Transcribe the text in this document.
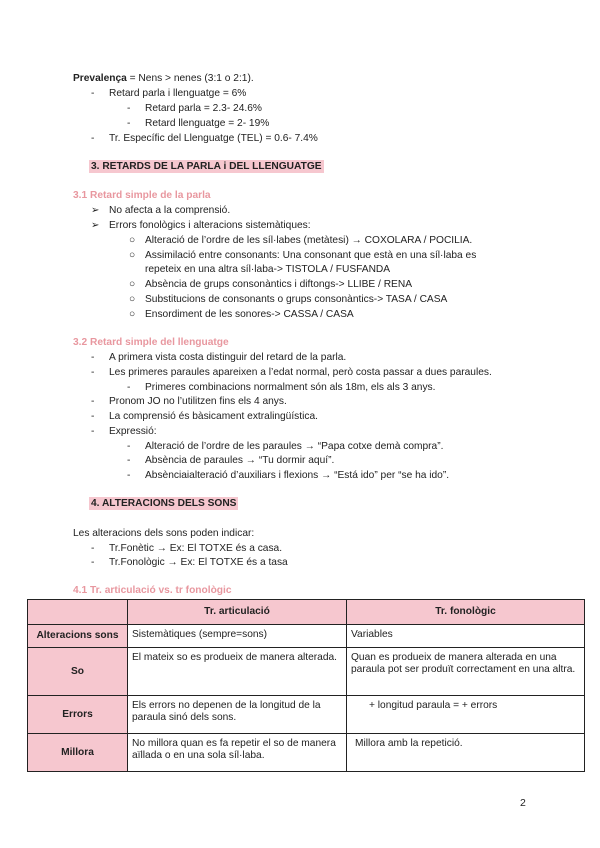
Prevalença = Nens > nenes (3:1 o 2:1).
- Retard parla i llenguatge = 6%
- Retard parla = 2.3- 24.6%
- Retard llenguatge = 2- 19%
- Tr. Específic del Llenguatge (TEL) = 0.6- 7.4%
3. RETARDS DE LA PARLA i DEL LLENGUATGE
3.1 Retard simple de la parla
➢ No afecta a la comprensió.
➢ Errors fonològics i alteracions sistemàtiques:
○ Alteració de l’ordre de les síl·labes (metàtesi) → COXOLARA / POCILIA.
○ Assimilació entre consonants: Una consonant que està en una síl·laba es
repeteix en una altra síl·laba-> TISTOLA / FUSFANDA
○ Absència de grups consonàntics i diftongs-> LLIBE / RENA
○ Substitucions de consonants o grups consonàntics-> TASA / CASA
○ Ensordiment de les sonores-> CASSA / CASA
3.2 Retard simple del llenguatge
- A primera vista costa distinguir del retard de la parla.
- Les primeres paraules apareixen a l’edat normal, però costa passar a dues paraules.
- Primeres combinacions normalment són als 18m, els als 3 anys.
- Pronom JO no l’utilitzen fins els 4 anys.
- La comprensió és bàsicament extralingüística.
- Expressió:
- Alteració de l’ordre de les paraules → “Papa cotxe demà compra”.
- Absència de paraules → “Tu dormir aquí”.
- Absènciaialteració d’auxiliars i flexions → “Está ido” per “se ha ido”.
4. ALTERACIONS DELS SONS
Les alteracions dels sons poden indicar:
- Tr.Fonètic → Ex: El TOTXE és a casa.
- Tr.Fonològic → Ex: El TOTXE és a tasa
4.1 Tr. articulació vs. tr fonològic
	Tr. articulació	Tr. fonològic
Alteracions sons	Sistemàtiques (sempre=sons)	Variables
So	El mateix so es produeix de manera alterada.	Quan es produeix de manera alterada en una paraula pot ser produït correctament en una altra.
Errors	Els errors no depenen de la longitud de la paraula sinó dels sons.	+ longitud paraula = + errors
Millora	No millora quan es fa repetir el so de manera aïllada o en una sola síl·laba.	Millora amb la repetició.
2
